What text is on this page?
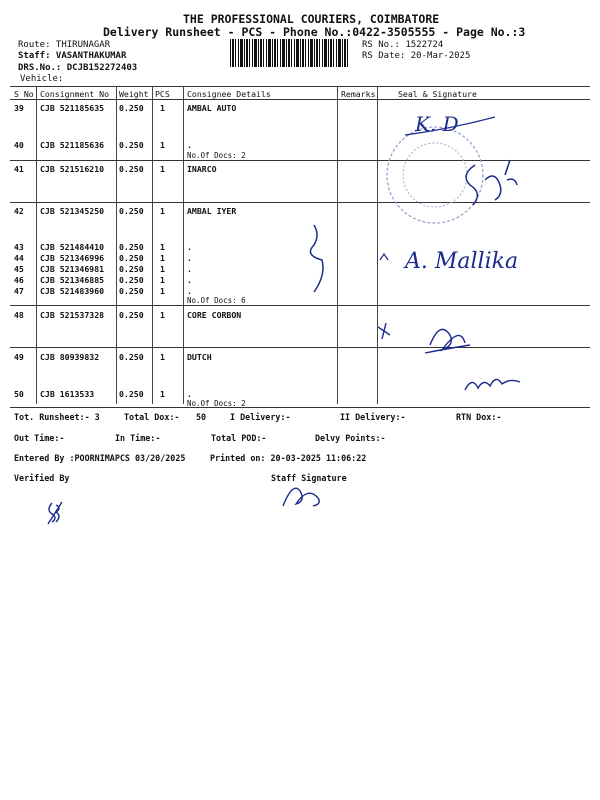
THE PROFESSIONAL COURIERS, COIMBATORE
Delivery Runsheet - PCS - Phone No.:0422-3505555 - Page No.:3
Route: THIRUNAGAR
Staff: VASANTHAKUMAR
DRS.No.: DCJB152272403
Vehicle:
RS No.: 1522724
RS Date: 20-Mar-2025
S No Consignment No Weight PCS Consignee Details	Remarks	Seal & Signature
39 CJB 521185635 0.250 1	AMBAL AUTO
40 CJB 521185636 0.250 1	.
No.Of Docs: 2
41 CJB 521516210 0.250 1	INARCO
42 CJB 521345250 0.250 1	AMBAL IYER
43 CJB 521484410 0.250 1	.
44 CJB 521346996 0.250 1	.
45 CJB 521346981 0.250 1	.
46 CJB 521346885 0.250 1	.
47 CJB 521483960 0.250 1	.
No.Of Docs: 6
48 CJB 521537328 0.250 1	CORE CORBON
49 CJB 80939832 0.250 1	DUTCH
50 CJB 1613533	0.250 1	.
No.Of Docs: 2
Tot. Runsheet:- 3	Total Dox:- 50	I Delivery:-	II Delivery:-	RTN Dox:-
Out Time:-	In Time:-	Total POD:-	Delvy Points:-
Entered By :POORNIMAPCS 03/20/2025	Printed on: 20-03-2025 11:06:22
Verified By	Staff Signature
K. D
A. Mallika
